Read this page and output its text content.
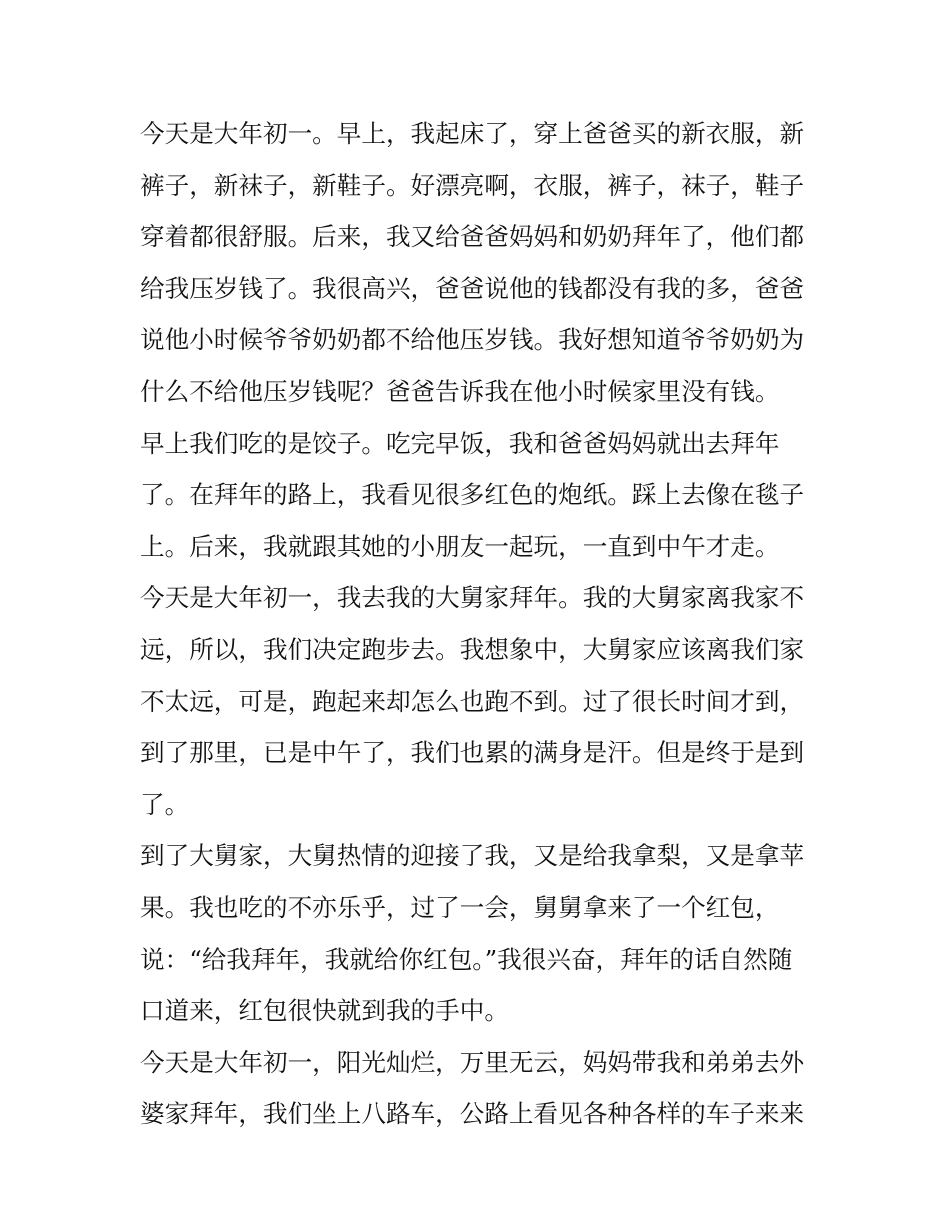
今天是大年初一。早上，我起床了，穿上爸爸买的新衣服，新
裤子，新袜子，新鞋子。好漂亮啊，衣服，裤子，袜子，鞋子
穿着都很舒服。后来，我又给爸爸妈妈和奶奶拜年了，他们都
给我压岁钱了。我很高兴，爸爸说他的钱都没有我的多，爸爸
说他小时候爷爷奶奶都不给他压岁钱。我好想知道爷爷奶奶为
什么不给他压岁钱呢？爸爸告诉我在他小时候家里没有钱。
早上我们吃的是饺子。吃完早饭，我和爸爸妈妈就出去拜年
了。在拜年的路上，我看见很多红色的炮纸。踩上去像在毯子
上。后来，我就跟其她的小朋友一起玩，一直到中午才走。
今天是大年初一，我去我的大舅家拜年。我的大舅家离我家不
远，所以，我们决定跑步去。我想象中，大舅家应该离我们家
不太远，可是，跑起来却怎么也跑不到。过了很长时间才到，
到了那里，已是中午了，我们也累的满身是汗。但是终于是到
了。
到了大舅家，大舅热情的迎接了我，又是给我拿梨，又是拿苹
果。我也吃的不亦乐乎，过了一会，舅舅拿来了一个红包，
说：“给我拜年，我就给你红包。”我很兴奋，拜年的话自然随
口道来，红包很快就到我的手中。
今天是大年初一，阳光灿烂，万里无云，妈妈带我和弟弟去外
婆家拜年，我们坐上八路车，公路上看见各种各样的车子来来
